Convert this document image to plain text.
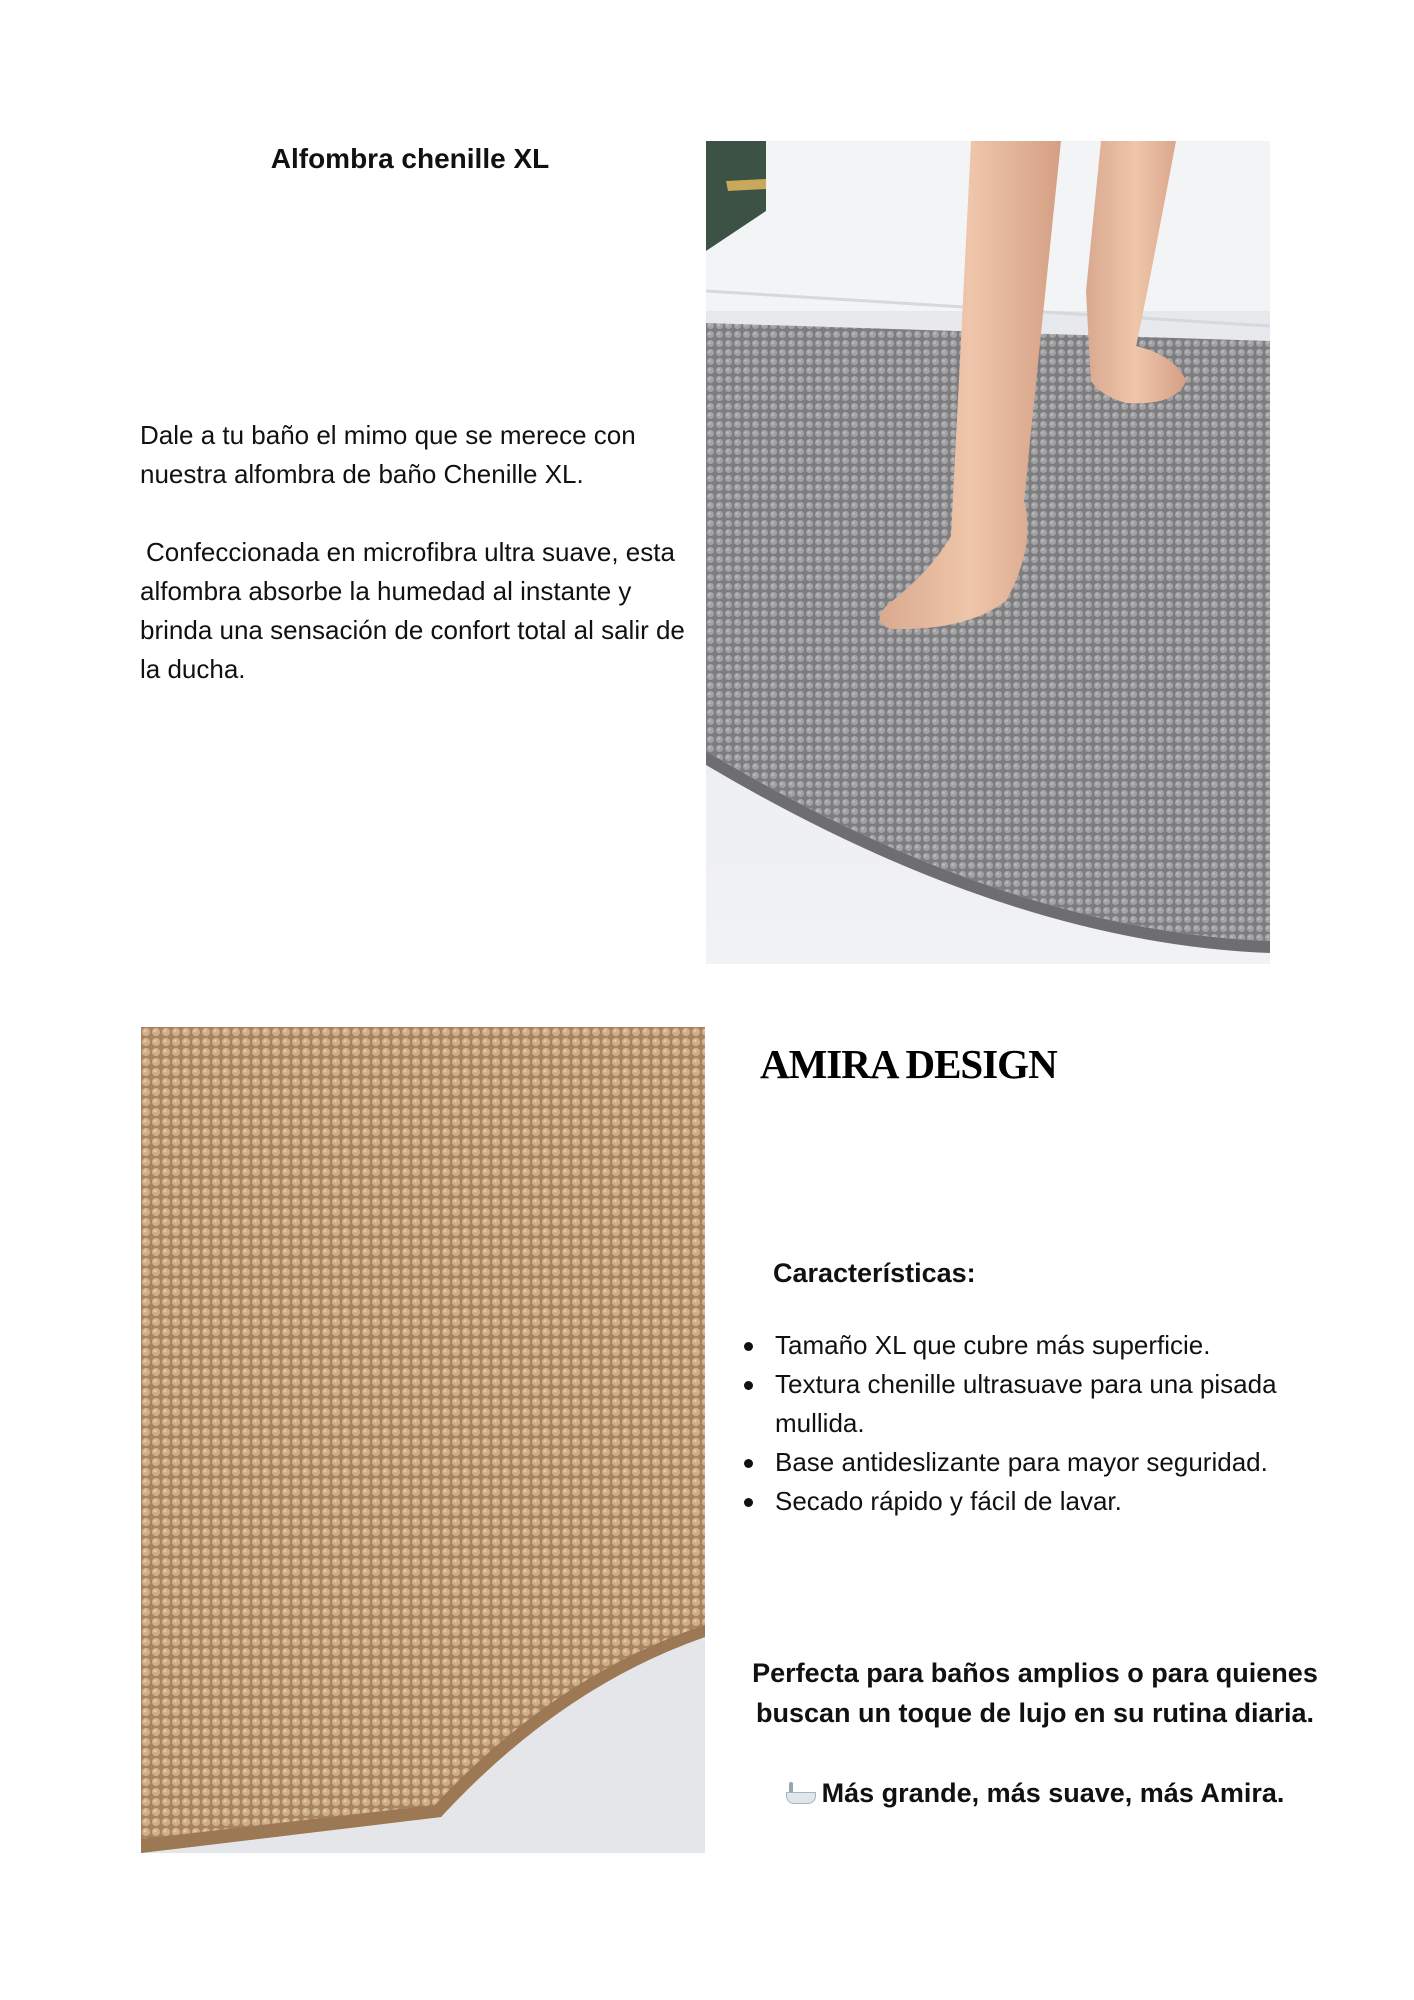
Alfombra chenille XL

Dale a tu baño el mimo que se merece con nuestra alfombra de baño Chenille XL.

Confeccionada en microfibra ultra suave, esta alfombra absorbe la humedad al instante y brinda una sensación de confort total al salir de la ducha.

AMIRA DESIGN
Características:
Tamaño XL que cubre más superficie.
Textura chenille ultrasuave para una pisada mullida.
Base antideslizante para mayor seguridad.
Secado rápido y fácil de lavar.

Perfecta para baños amplios o para quienes buscan un toque de lujo en su rutina diaria.

Más grande, más suave, más Amira.
